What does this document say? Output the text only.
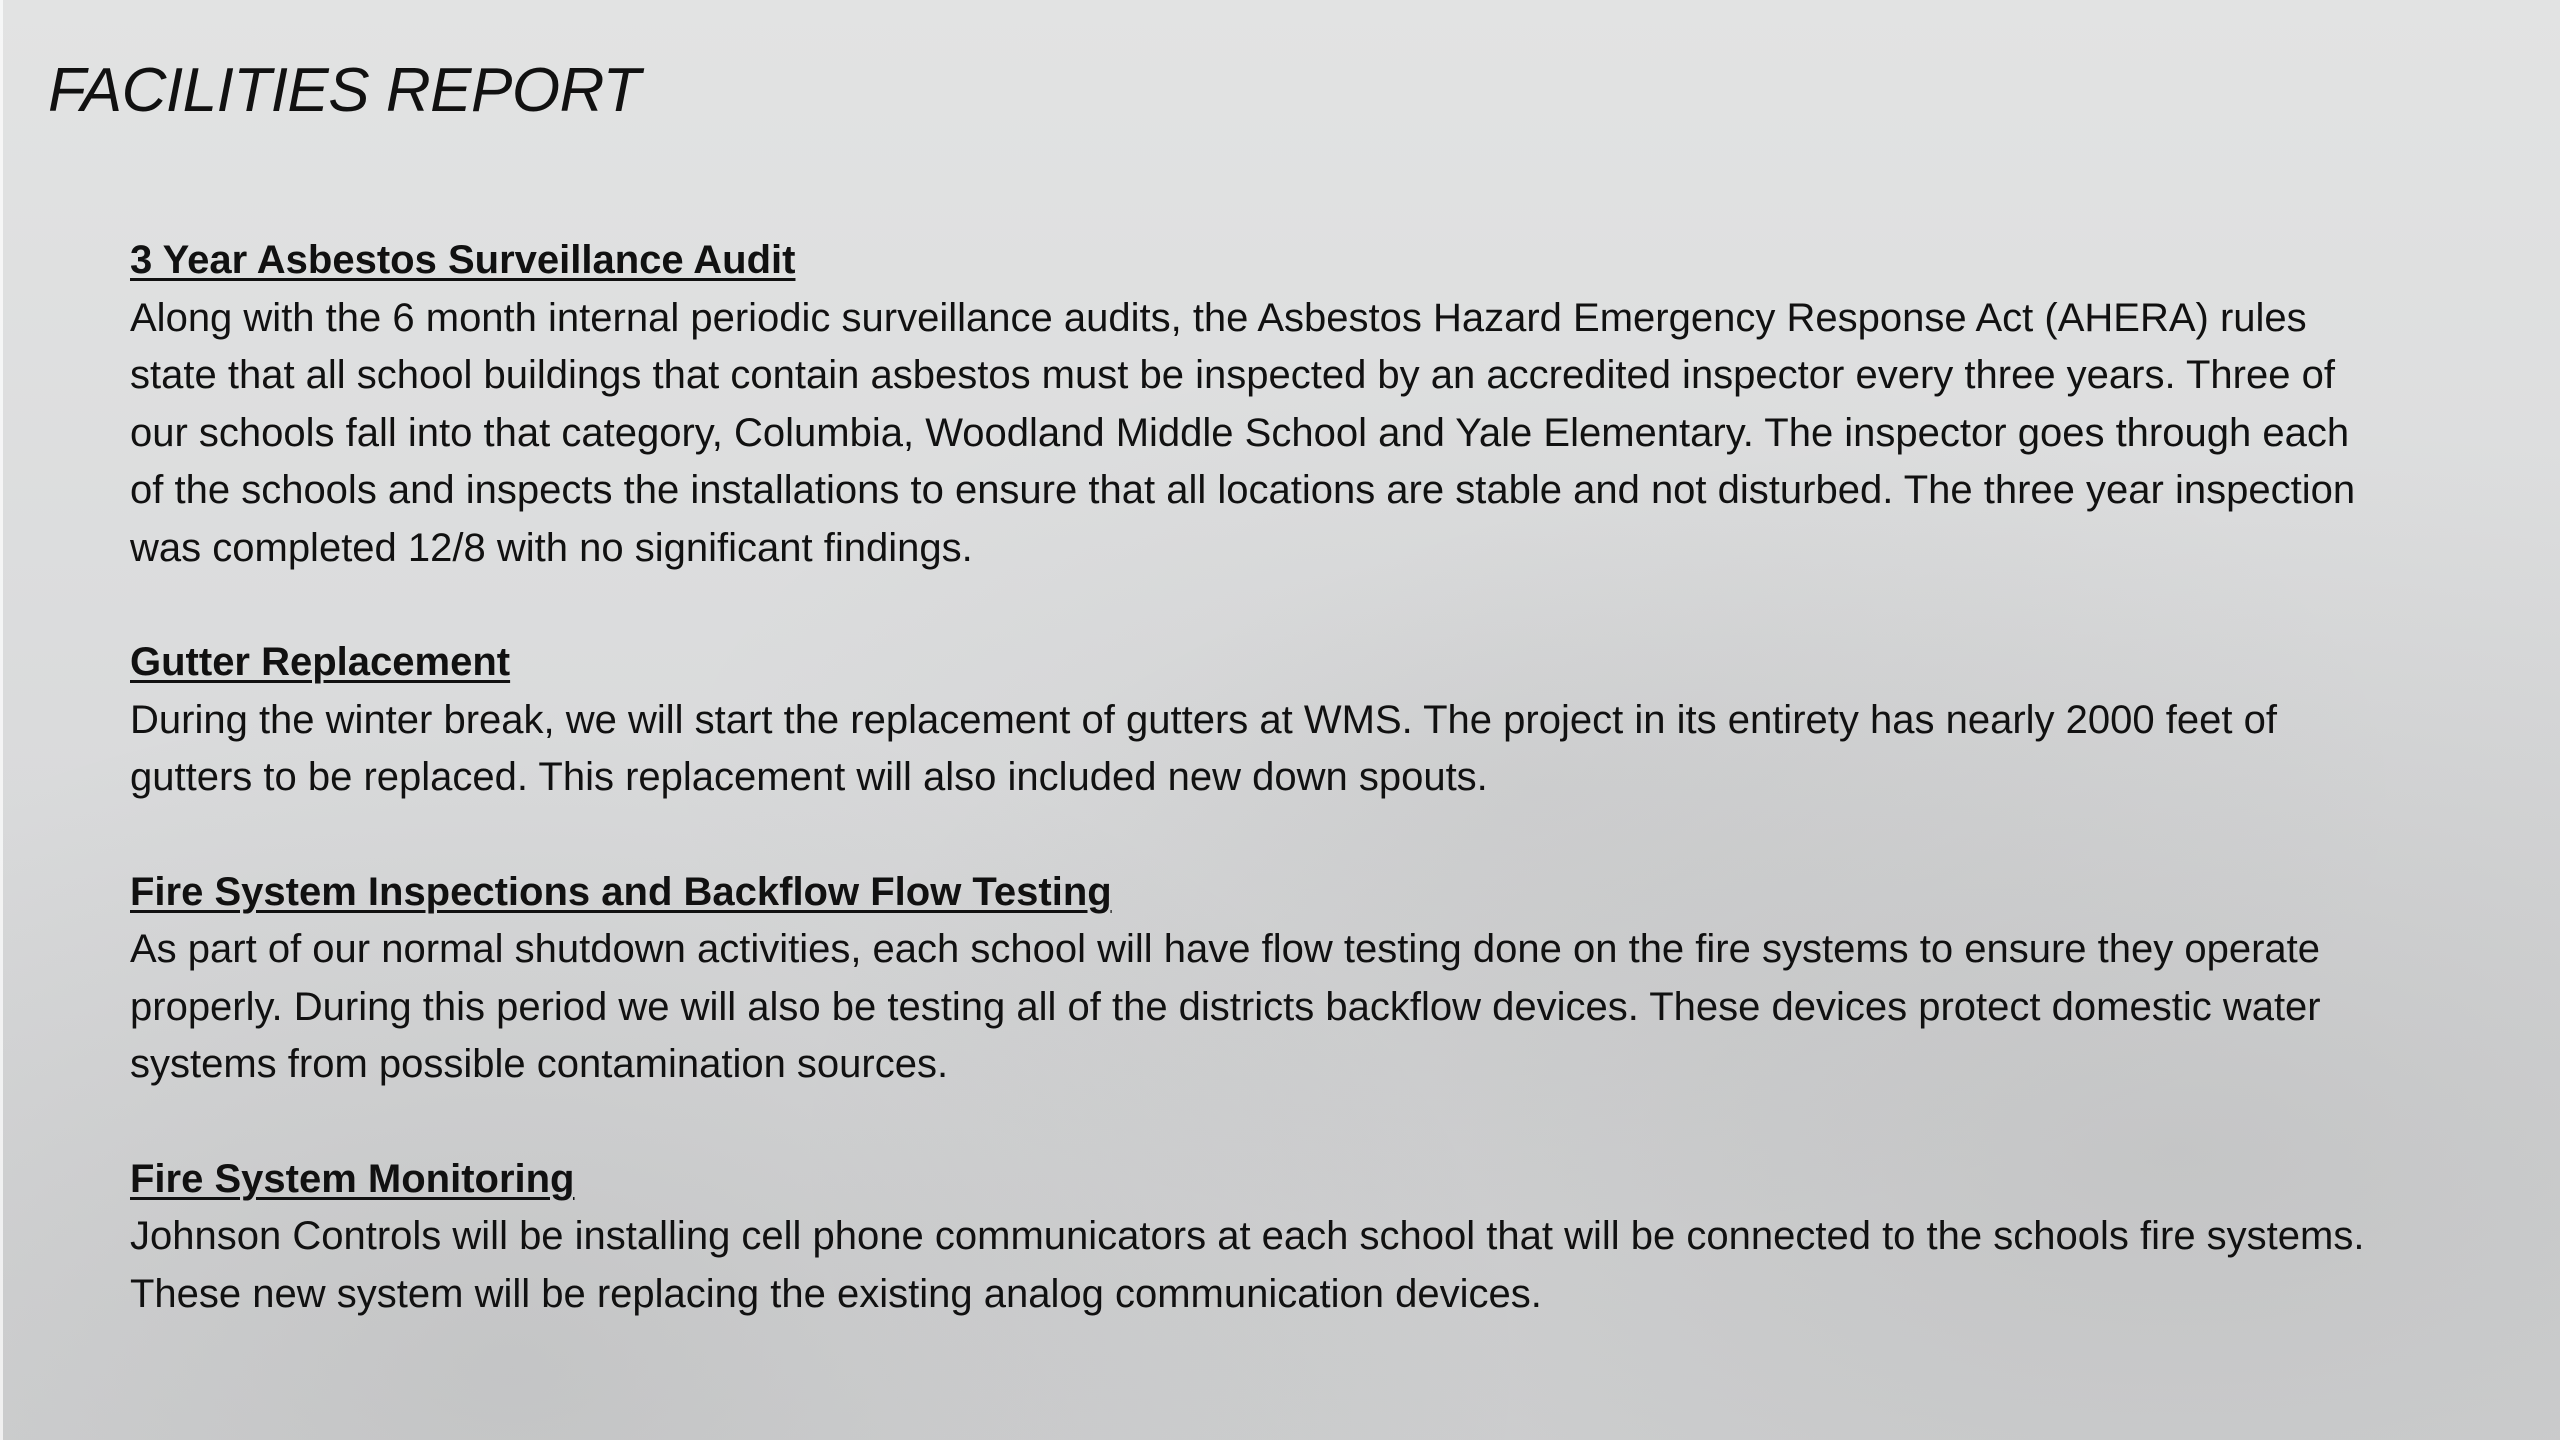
FACILITIES REPORT

3 Year Asbestos Surveillance Audit

Along with the 6 month internal periodic surveillance audits, the Asbestos Hazard Emergency Response Act (AHERA) rules state that all school buildings that contain asbestos must be inspected by an accredited inspector every three years. Three of our schools fall into that category, Columbia, Woodland Middle School and Yale Elementary. The inspector goes through each of the schools and inspects the installations to ensure that all locations are stable and not disturbed. The three year inspection was completed 12/8 with no significant findings.

Gutter Replacement

During the winter break, we will start the replacement of gutters at WMS. The project in its entirety has nearly 2000 feet of gutters to be replaced. This replacement will also included new down spouts.

Fire System Inspections and Backflow Flow Testing

As part of our normal shutdown activities, each school will have flow testing done on the fire systems to ensure they operate properly. During this period we will also be testing all of the districts backflow devices. These devices protect domestic water systems from possible contamination sources.

Fire System Monitoring

Johnson Controls will be installing cell phone communicators at each school that will be connected to the schools fire systems. These new system will be replacing the existing analog communication devices.
